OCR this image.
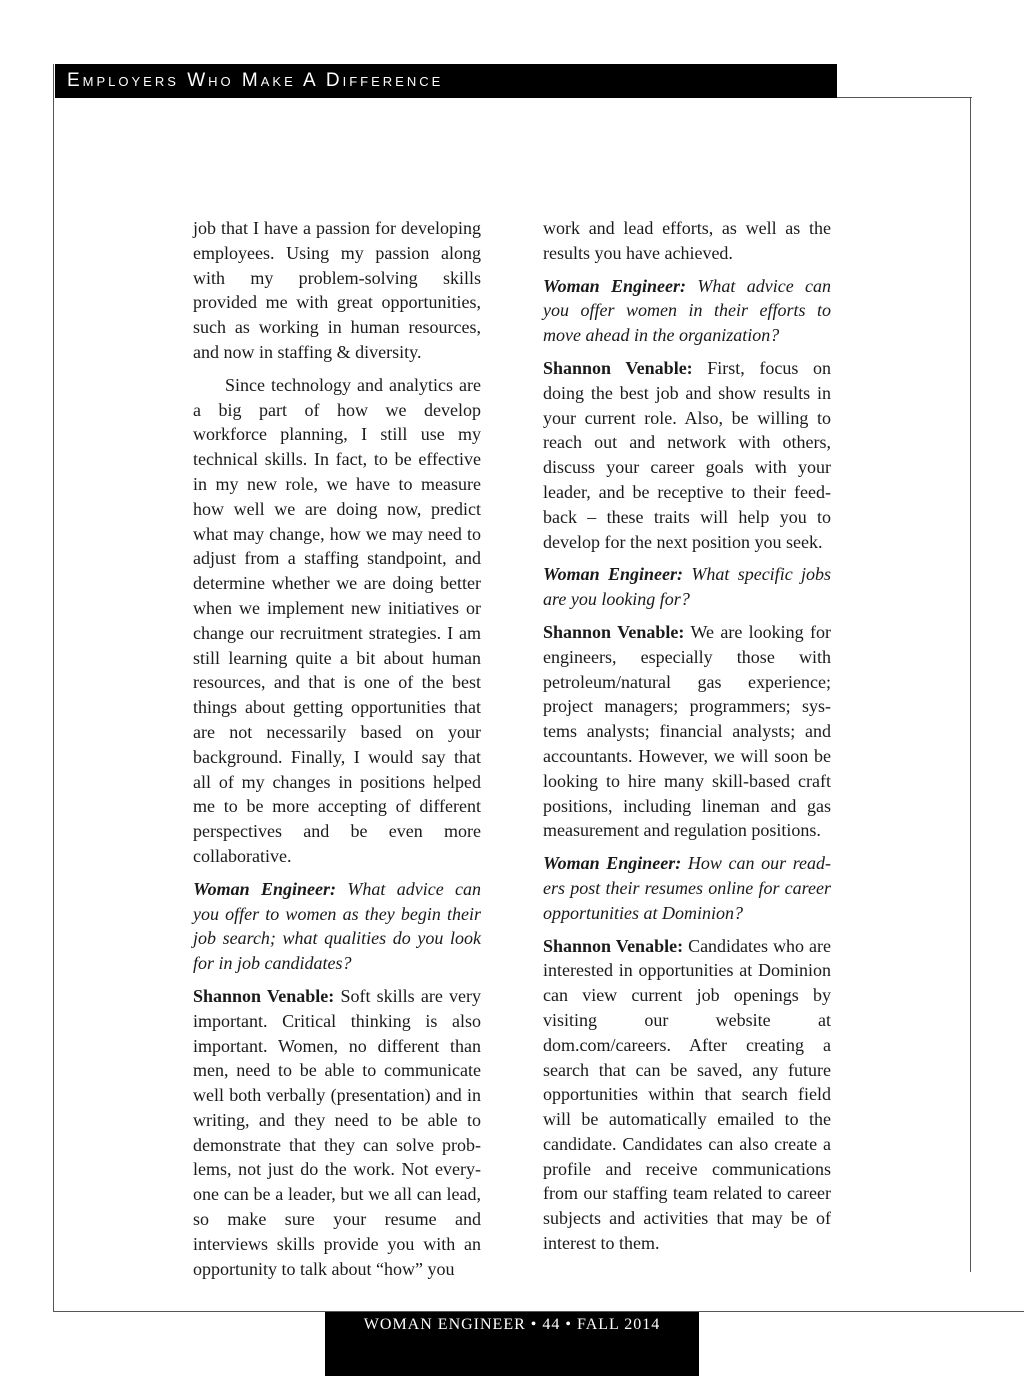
Employers Who Make A Difference

job that I have a passion for developing employees. Using my passion along with my problem-solving skills provided me with great opportunities, such as working in human resources, and now in staffing & diversity.

Since technology and analytics are a big part of how we develop workforce planning, I still use my technical skills. In fact, to be effective in my new role, we have to measure how well we are doing now, predict what may change, how we may need to adjust from a staffing standpoint, and determine whether we are doing better when we implement new initiatives or change our recruitment strategies. I am still learning quite a bit about human resources, and that is one of the best things about getting opportunities that are not necessarily based on your background. Finally, I would say that all of my changes in positions helped me to be more accepting of different perspectives and be even more collaborative.

Woman Engineer: What advice can you offer to women as they begin their job search; what qualities do you look for in job candidates?

Shannon Venable: Soft skills are very important. Critical thinking is also important. Women, no different than men, need to be able to communicate well both verbally (presentation) and in writing, and they need to be able to demonstrate that they can solve problems, not just do the work. Not everyone can be a leader, but we all can lead, so make sure your resume and interviews skills provide you with an opportunity to talk about “how” you

work and lead efforts, as well as the results you have achieved.

Woman Engineer: What advice can you offer women in their efforts to move ahead in the organization?

Shannon Venable: First, focus on doing the best job and show results in your current role. Also, be willing to reach out and network with others, discuss your career goals with your leader, and be receptive to their feedback – these traits will help you to develop for the next position you seek.

Woman Engineer: What specific jobs are you looking for?

Shannon Venable: We are looking for engineers, especially those with petroleum/natural gas experience; project managers; programmers; systems analysts; financial analysts; and accountants. However, we will soon be looking to hire many skill-based craft positions, including lineman and gas measurement and regulation positions.

Woman Engineer: How can our readers post their resumes online for career opportunities at Dominion?

Shannon Venable: Candidates who are interested in opportunities at Dominion can view current job openings by visiting our website at dom.com/careers. After creating a search that can be saved, any future opportunities within that search field will be automatically emailed to the candidate. Candidates can also create a profile and receive communications from our staffing team related to career subjects and activities that may be of interest to them.

WOMAN ENGINEER • 44 • FALL 2014
